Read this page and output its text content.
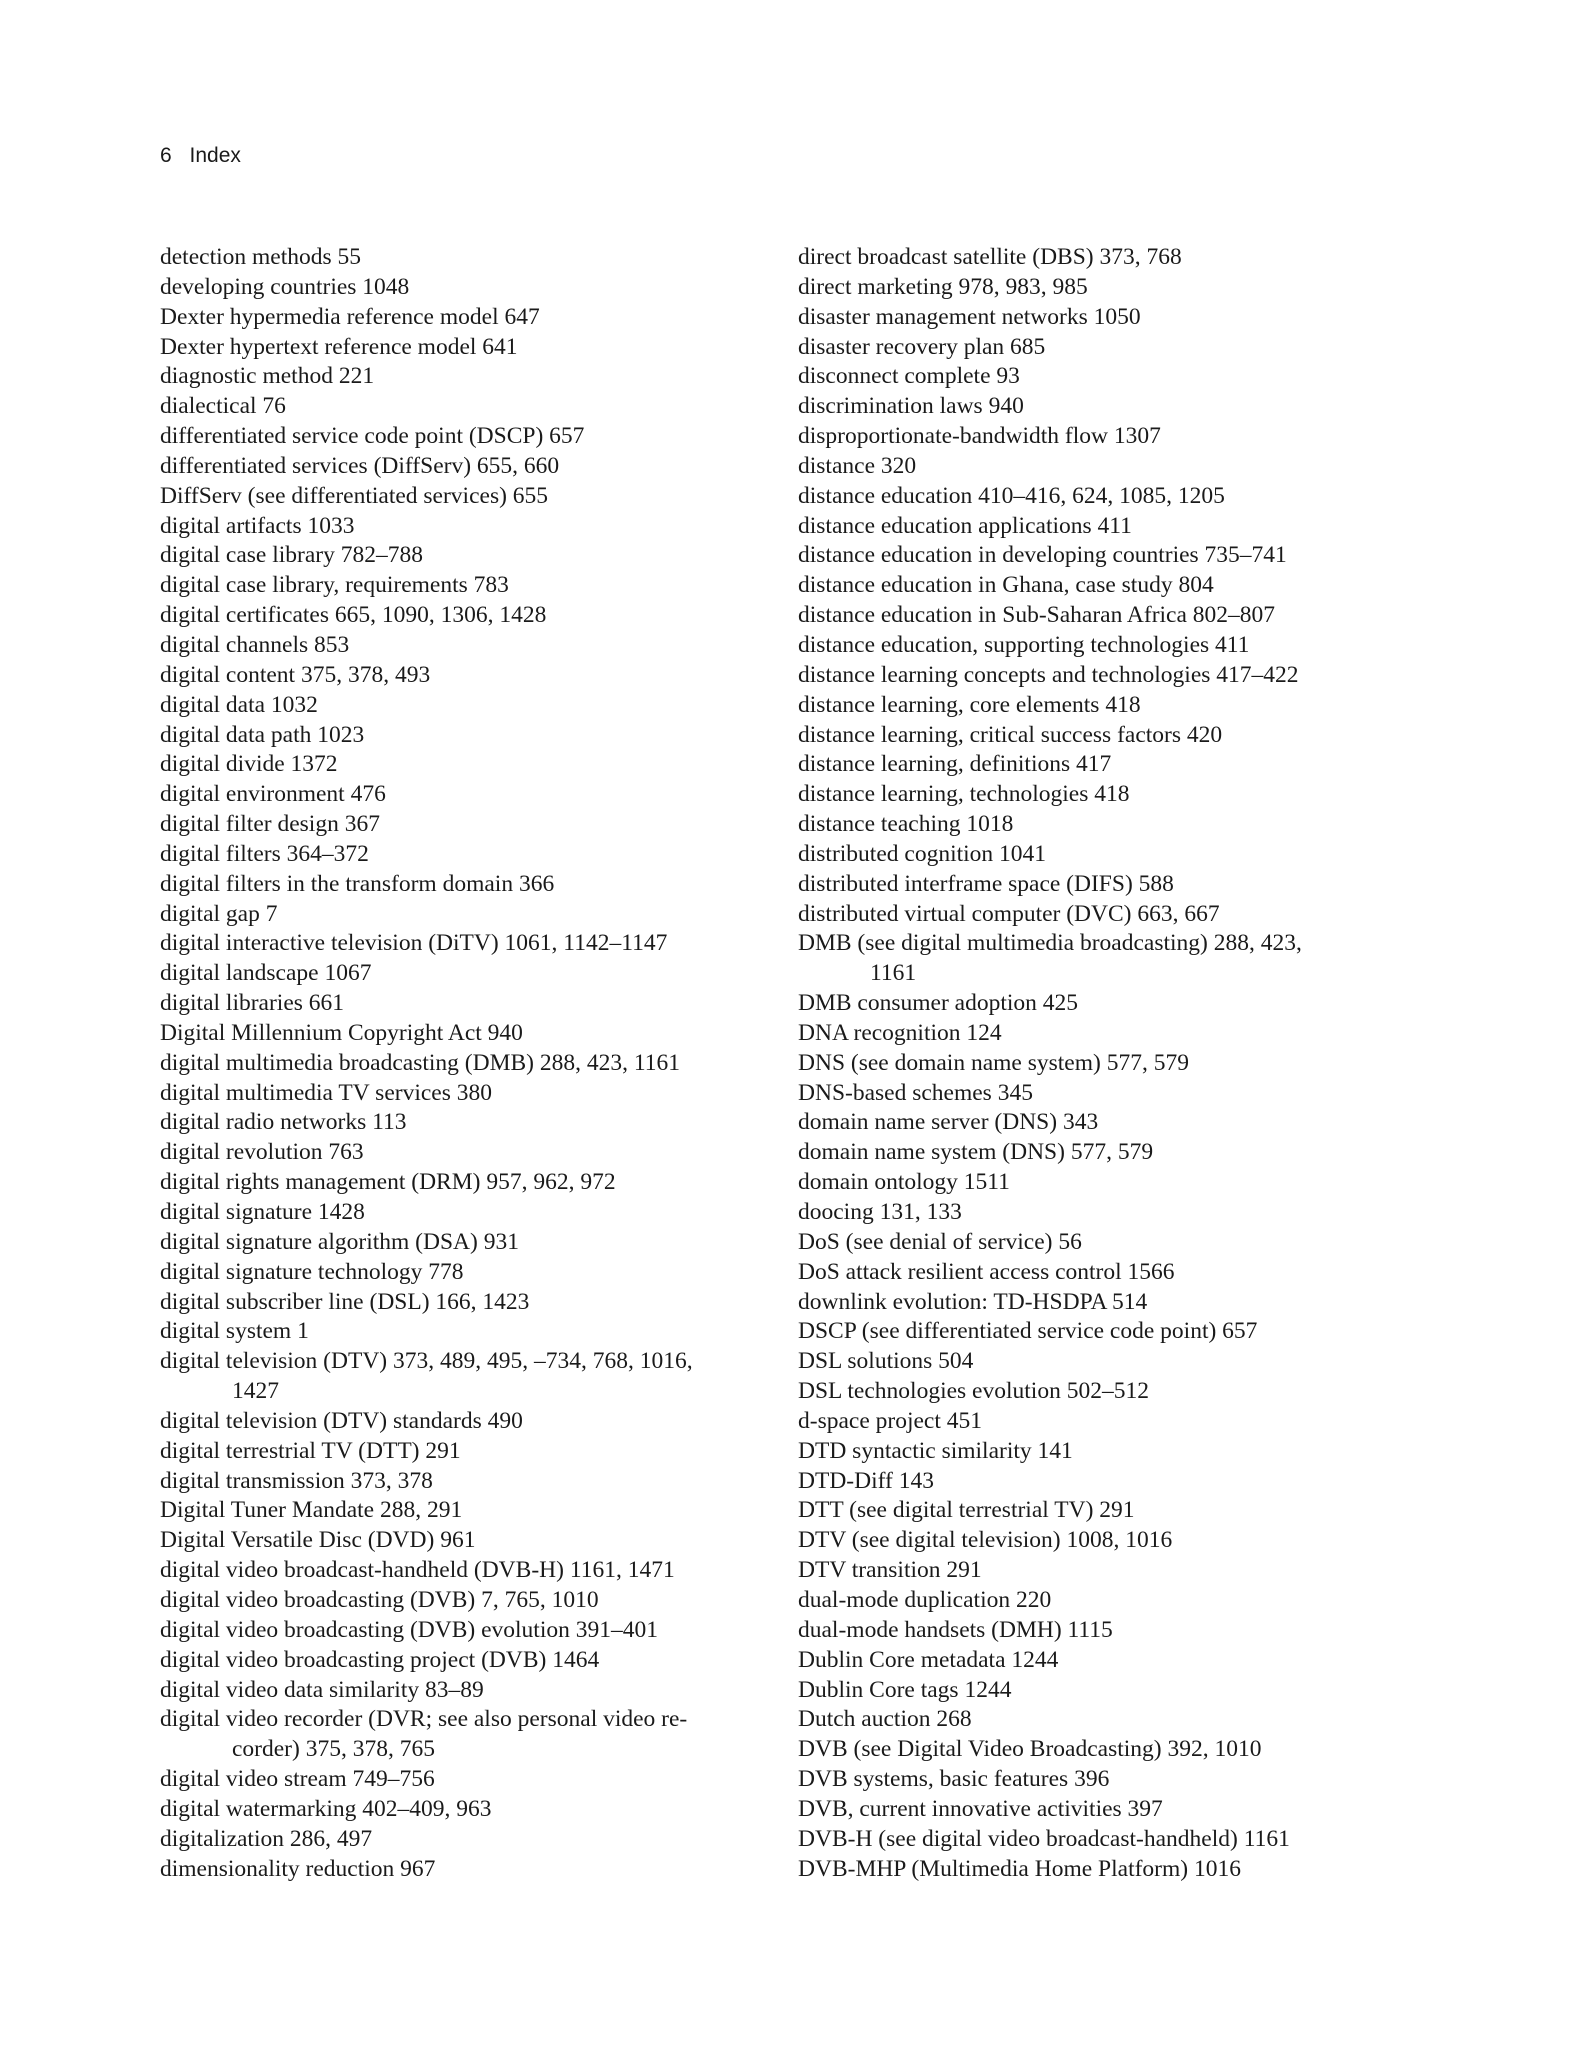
6 Index
detection methods 55
developing countries 1048
Dexter hypermedia reference model 647
Dexter hypertext reference model 641
diagnostic method 221
dialectical 76
differentiated service code point (DSCP) 657
differentiated services (DiffServ) 655, 660
DiffServ (see differentiated services) 655
digital artifacts 1033
digital case library 782–788
digital case library, requirements 783
digital certificates 665, 1090, 1306, 1428
digital channels 853
digital content 375, 378, 493
digital data 1032
digital data path 1023
digital divide 1372
digital environment 476
digital filter design 367
digital filters 364–372
digital filters in the transform domain 366
digital gap 7
digital interactive television (DiTV) 1061, 1142–1147
digital landscape 1067
digital libraries 661
Digital Millennium Copyright Act 940
digital multimedia broadcasting (DMB) 288, 423, 1161
digital multimedia TV services 380
digital radio networks 113
digital revolution 763
digital rights management (DRM) 957, 962, 972
digital signature 1428
digital signature algorithm (DSA) 931
digital signature technology 778
digital subscriber line (DSL) 166, 1423
digital system 1
digital television (DTV) 373, 489, 495, –734, 768, 1016,
1427
digital television (DTV) standards 490
digital terrestrial TV (DTT) 291
digital transmission 373, 378
Digital Tuner Mandate 288, 291
Digital Versatile Disc (DVD) 961
digital video broadcast-handheld (DVB-H) 1161, 1471
digital video broadcasting (DVB) 7, 765, 1010
digital video broadcasting (DVB) evolution 391–401
digital video broadcasting project (DVB) 1464
digital video data similarity 83–89
digital video recorder (DVR; see also personal video re-
corder) 375, 378, 765
digital video stream 749–756
digital watermarking 402–409, 963
digitalization 286, 497
dimensionality reduction 967
direct broadcast satellite (DBS) 373, 768
direct marketing 978, 983, 985
disaster management networks 1050
disaster recovery plan 685
disconnect complete 93
discrimination laws 940
disproportionate-bandwidth flow 1307
distance 320
distance education 410–416, 624, 1085, 1205
distance education applications 411
distance education in developing countries 735–741
distance education in Ghana, case study 804
distance education in Sub-Saharan Africa 802–807
distance education, supporting technologies 411
distance learning concepts and technologies 417–422
distance learning, core elements 418
distance learning, critical success factors 420
distance learning, definitions 417
distance learning, technologies 418
distance teaching 1018
distributed cognition 1041
distributed interframe space (DIFS) 588
distributed virtual computer (DVC) 663, 667
DMB (see digital multimedia broadcasting) 288, 423,
1161
DMB consumer adoption 425
DNA recognition 124
DNS (see domain name system) 577, 579
DNS-based schemes 345
domain name server (DNS) 343
domain name system (DNS) 577, 579
domain ontology 1511
doocing 131, 133
DoS (see denial of service) 56
DoS attack resilient access control 1566
downlink evolution: TD-HSDPA 514
DSCP (see differentiated service code point) 657
DSL solutions 504
DSL technologies evolution 502–512
d-space project 451
DTD syntactic similarity 141
DTD-Diff 143
DTT (see digital terrestrial TV) 291
DTV (see digital television) 1008, 1016
DTV transition 291
dual-mode duplication 220
dual-mode handsets (DMH) 1115
Dublin Core metadata 1244
Dublin Core tags 1244
Dutch auction 268
DVB (see Digital Video Broadcasting) 392, 1010
DVB systems, basic features 396
DVB, current innovative activities 397
DVB-H (see digital video broadcast-handheld) 1161
DVB-MHP (Multimedia Home Platform) 1016
